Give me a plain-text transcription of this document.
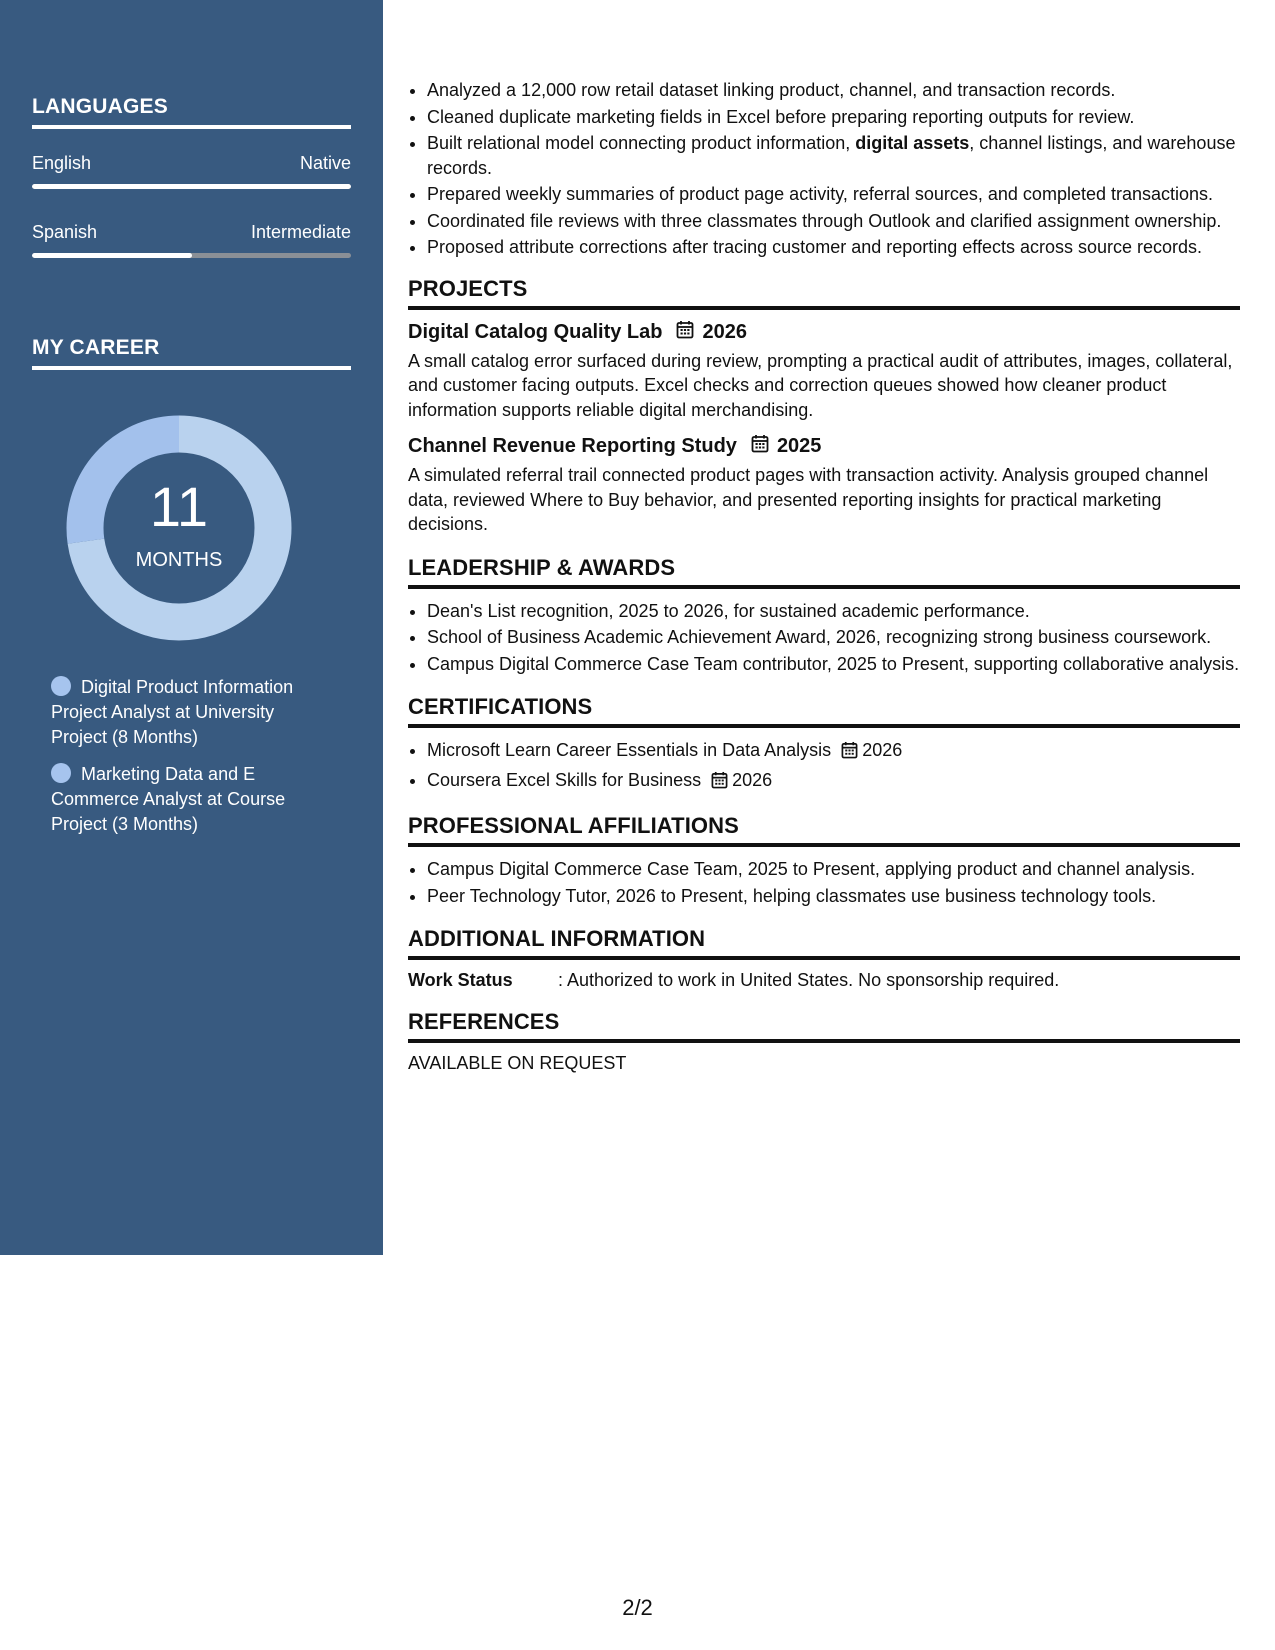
LANGUAGES
English	Native
Spanish	Intermediate
MY CAREER
11
MONTHS
Digital Product Information Project Analyst at University Project (8 Months)
Marketing Data and E Commerce Analyst at Course Project (3 Months)
• Analyzed a 12,000 row retail dataset linking product, channel, and transaction records.
• Cleaned duplicate marketing fields in Excel before preparing reporting outputs for review.
• Built relational model connecting product information, digital assets, channel listings, and warehouse records.
• Prepared weekly summaries of product page activity, referral sources, and completed transactions.
• Coordinated file reviews with three classmates through Outlook and clarified assignment ownership.
• Proposed attribute corrections after tracing customer and reporting effects across source records.
PROJECTS
Digital Catalog Quality Lab 2026
A small catalog error surfaced during review, prompting a practical audit of attributes, images, collateral, and customer facing outputs. Excel checks and correction queues showed how cleaner product information supports reliable digital merchandising.
Channel Revenue Reporting Study 2025
A simulated referral trail connected product pages with transaction activity. Analysis grouped channel data, reviewed Where to Buy behavior, and presented reporting insights for practical marketing decisions.
LEADERSHIP & AWARDS
• Dean's List recognition, 2025 to 2026, for sustained academic performance.
• School of Business Academic Achievement Award, 2026, recognizing strong business coursework.
• Campus Digital Commerce Case Team contributor, 2025 to Present, supporting collaborative analysis.
CERTIFICATIONS
• Microsoft Learn Career Essentials in Data Analysis 2026
• Coursera Excel Skills for Business 2026
PROFESSIONAL AFFILIATIONS
• Campus Digital Commerce Case Team, 2025 to Present, applying product and channel analysis.
• Peer Technology Tutor, 2026 to Present, helping classmates use business technology tools.
ADDITIONAL INFORMATION
Work Status	: Authorized to work in United States. No sponsorship required.
REFERENCES
AVAILABLE ON REQUEST
2/2
